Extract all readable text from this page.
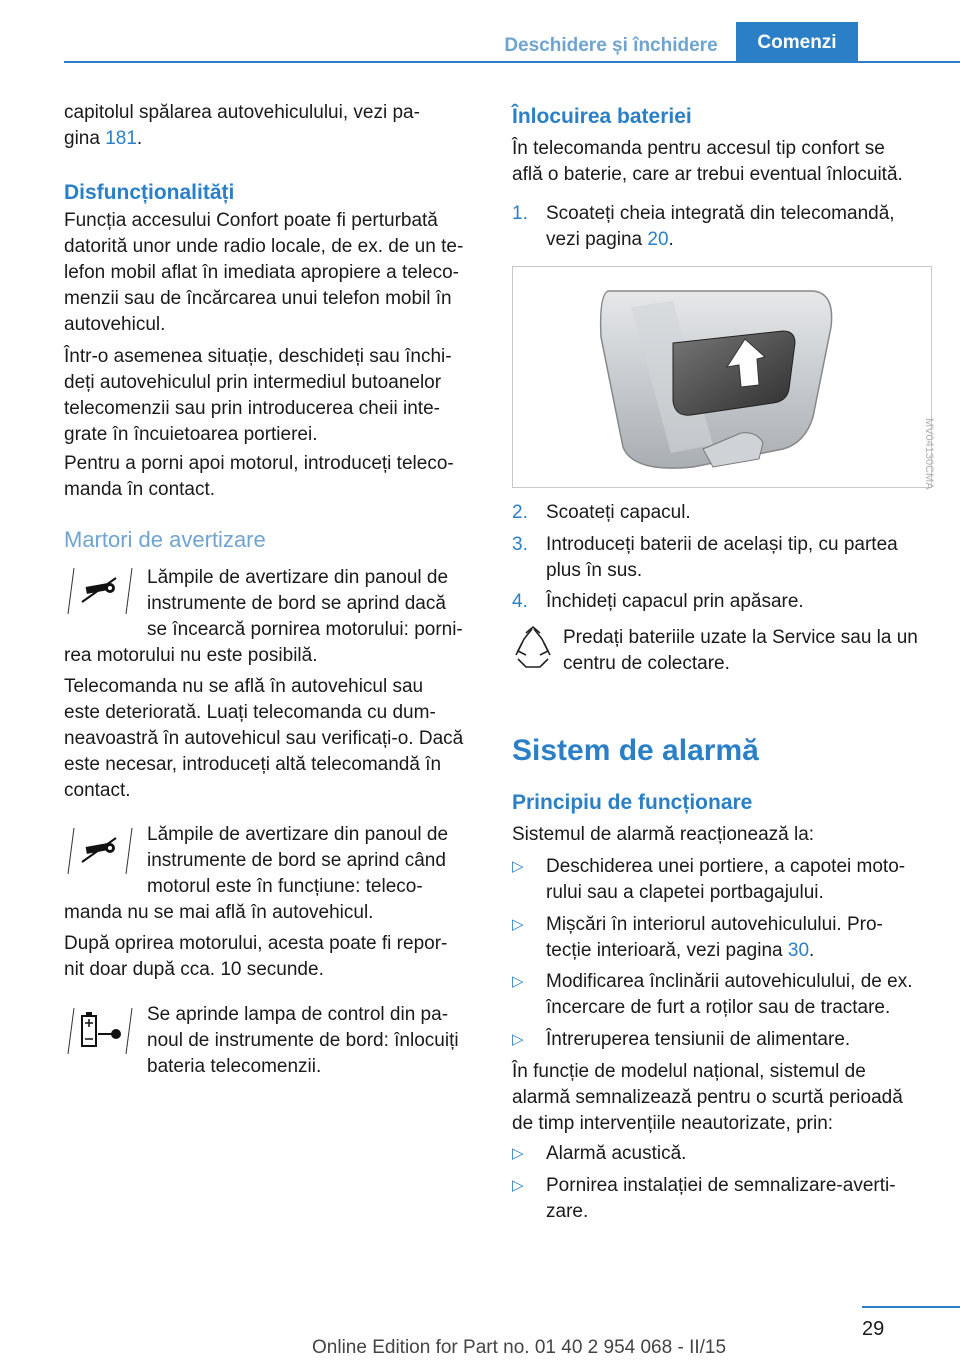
Deschidere și închidere	Comenzi
capitolul spălarea autovehiculului, vezi pa‐
gina 181.
Disfuncționalități
Funcția accesului Confort poate fi perturbată
datorită unor unde radio locale, de ex. de un te‐
lefon mobil aflat în imediata apropiere a teleco‐
menzii sau de încărcarea unui telefon mobil în
autovehicul.
Într-o asemenea situație, deschideți sau închi‐
deți autovehiculul prin intermediul butoanelor
telecomenzii sau prin introducerea cheii inte‐
grate în încuietoarea portierei.
Pentru a porni apoi motorul, introduceți teleco‐
manda în contact.
Martori de avertizare
Lămpile de avertizare din panoul de
instrumente de bord se aprind dacă
se încearcă pornirea motorului: porni‐
rea motorului nu este posibilă.
Telecomanda nu se află în autovehicul sau
este deteriorată. Luați telecomanda cu dum‐
neavoastră în autovehicul sau verificați-o. Dacă
este necesar, introduceți altă telecomandă în
contact.
Lămpile de avertizare din panoul de
instrumente de bord se aprind când
motorul este în funcțiune: teleco‐
manda nu se mai află în autovehicul.
După oprirea motorului, acesta poate fi repor‐
nit doar după cca. 10 secunde.
Se aprinde lampa de control din pa‐
noul de instrumente de bord: înlocuiți
bateria telecomenzii.
Înlocuirea bateriei
În telecomanda pentru accesul tip confort se
află o baterie, care ar trebui eventual înlocuită.
1. Scoateți cheia integrată din telecomandă,
vezi pagina 20.
MV04130CMA
2. Scoateți capacul.
3. Introduceți baterii de același tip, cu partea
plus în sus.
4. Închideți capacul prin apăsare.
Predați bateriile uzate la Service sau la un
centru de colectare.
Sistem de alarmă
Principiu de funcționare
Sistemul de alarmă reacționează la:
▷ Deschiderea unei portiere, a capotei moto‐
rului sau a clapetei portbagajului.
▷ Mișcări în interiorul autovehiculului. Pro‐
tecție interioară, vezi pagina 30.
▷ Modificarea înclinării autovehiculului, de ex.
încercare de furt a roților sau de tractare.
▷ Întreruperea tensiunii de alimentare.
În funcție de modelul național, sistemul de
alarmă semnalizează pentru o scurtă perioadă
de timp intervențiile neautorizate, prin:
▷ Alarmă acustică.
▷ Pornirea instalației de semnalizare-averti‐
zare.
29
Online Edition for Part no. 01 40 2 954 068 - II/15
